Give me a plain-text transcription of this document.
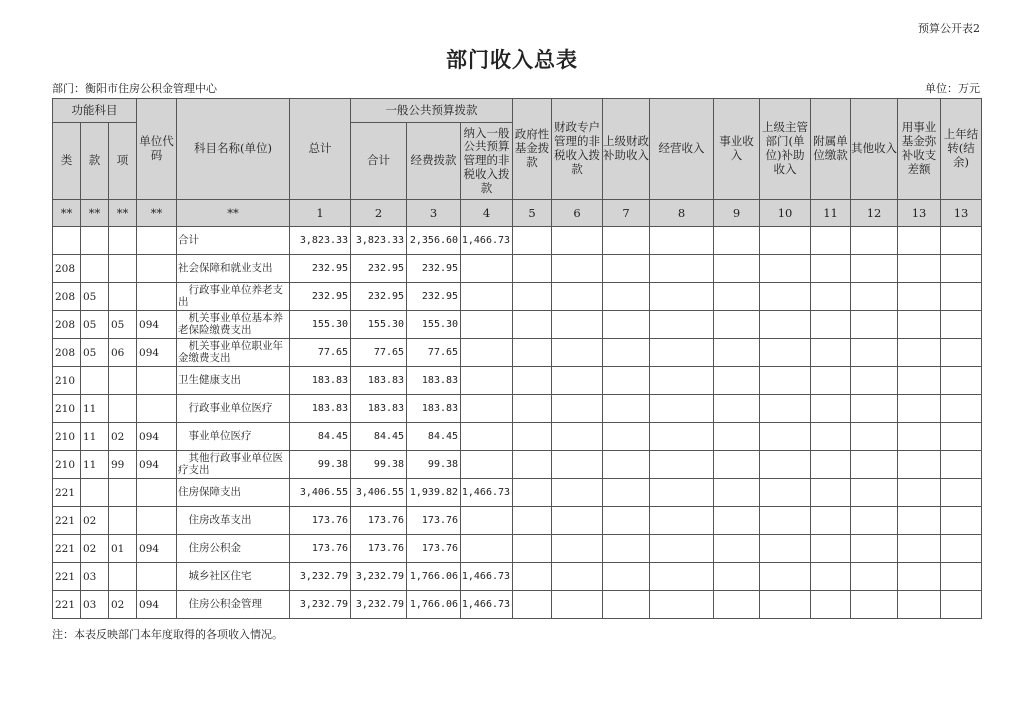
预算公开表2
部门收入总表
部门：衡阳市住房公积金管理中心	单位：万元
功能科目			单位代码	科目名称(单位)	总计	一般公共预算拨款			政府性基金拨款	财政专户管理的非税收入拨款	上级财政补助收入	经营收入	事业收入	上级主管部门(单位)补助收入	附属单位缴款	其他收入	用事业基金弥补收支差额	上年结转(结余)
类	款	项				合计	经费拨款	纳入一般公共预算管理的非税收入拨款										
**	**	**	**	**	1	2	3	4	5	6	7	8	9	10	11	12	13	13
				合计	3,823.33	3,823.33	2,356.60	1,466.73										
208				社会保障和就业支出	232.95	232.95	232.95											
208	05			　行政事业单位养老支出	232.95	232.95	232.95											
208	05	05	094	　机关事业单位基本养老保险缴费支出	155.30	155.30	155.30											
208	05	06	094	　机关事业单位职业年金缴费支出	77.65	77.65	77.65											
210				卫生健康支出	183.83	183.83	183.83											
210	11			　行政事业单位医疗	183.83	183.83	183.83											
210	11	02	094	　事业单位医疗	84.45	84.45	84.45											
210	11	99	094	　其他行政事业单位医疗支出	99.38	99.38	99.38											
221				住房保障支出	3,406.55	3,406.55	1,939.82	1,466.73										
221	02			　住房改革支出	173.76	173.76	173.76											
221	02	01	094	　住房公积金	173.76	173.76	173.76											
221	03			　城乡社区住宅	3,232.79	3,232.79	1,766.06	1,466.73										
221	03	02	094	　住房公积金管理	3,232.79	3,232.79	1,766.06	1,466.73										
注：本表反映部门本年度取得的各项收入情况。
